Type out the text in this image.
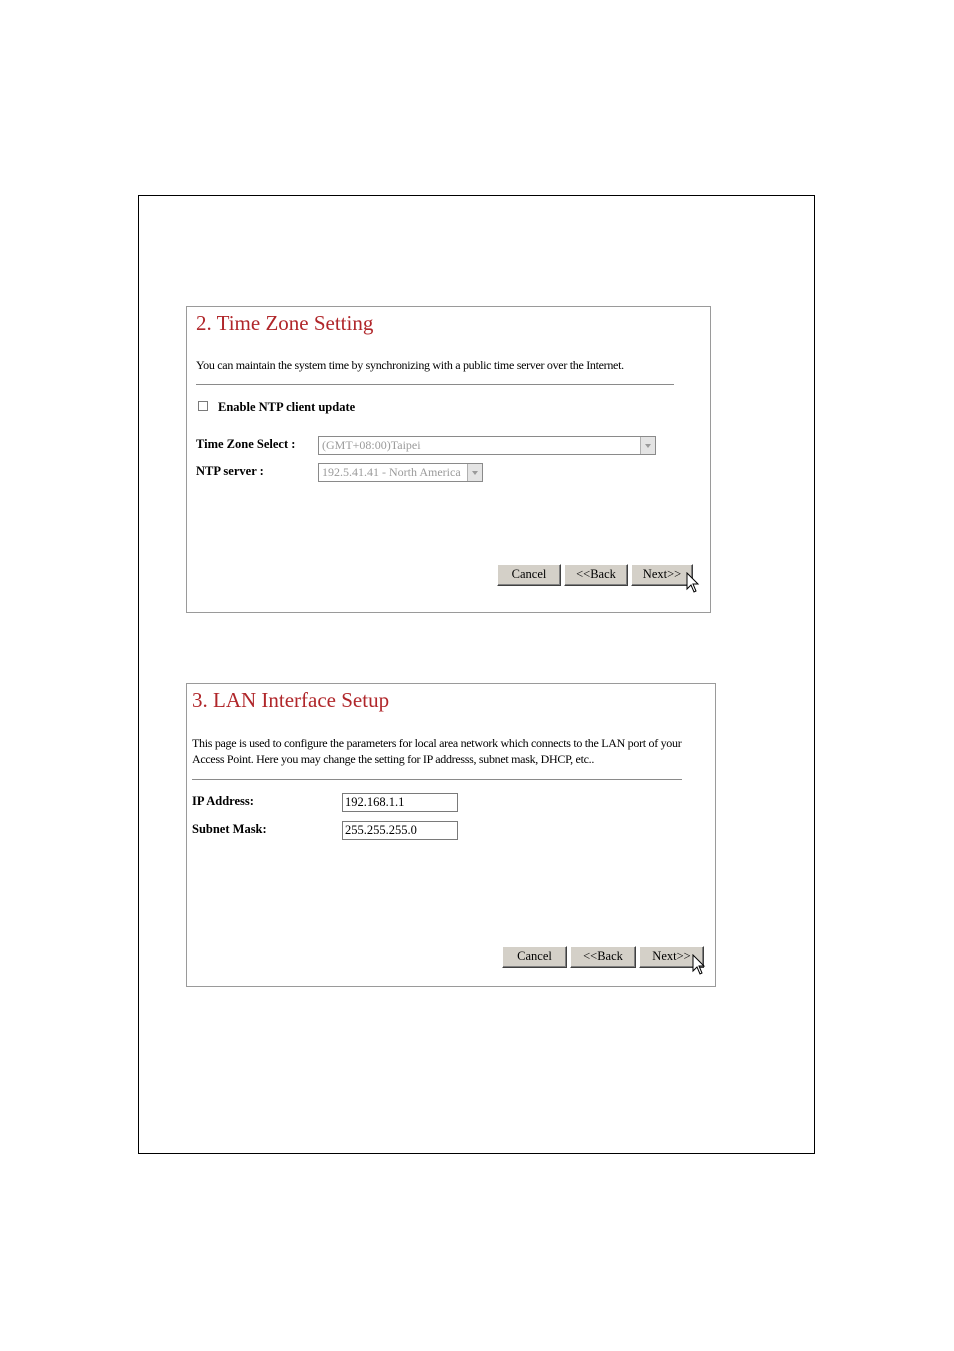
2. Time Zone Setting
You can maintain the system time by synchronizing with a public time server over the Internet.
Enable NTP client update
Time Zone Select :	(GMT+08:00)Taipei
NTP server :	192.5.41.41 - North America
Cancel	<<Back	Next>>
3. LAN Interface Setup
This page is used to configure the parameters for local area network which connects to the LAN port of your Access Point. Here you may change the setting for IP addresss, subnet mask, DHCP, etc..
IP Address:	192.168.1.1
Subnet Mask:	255.255.255.0
Cancel	<<Back	Next>>
